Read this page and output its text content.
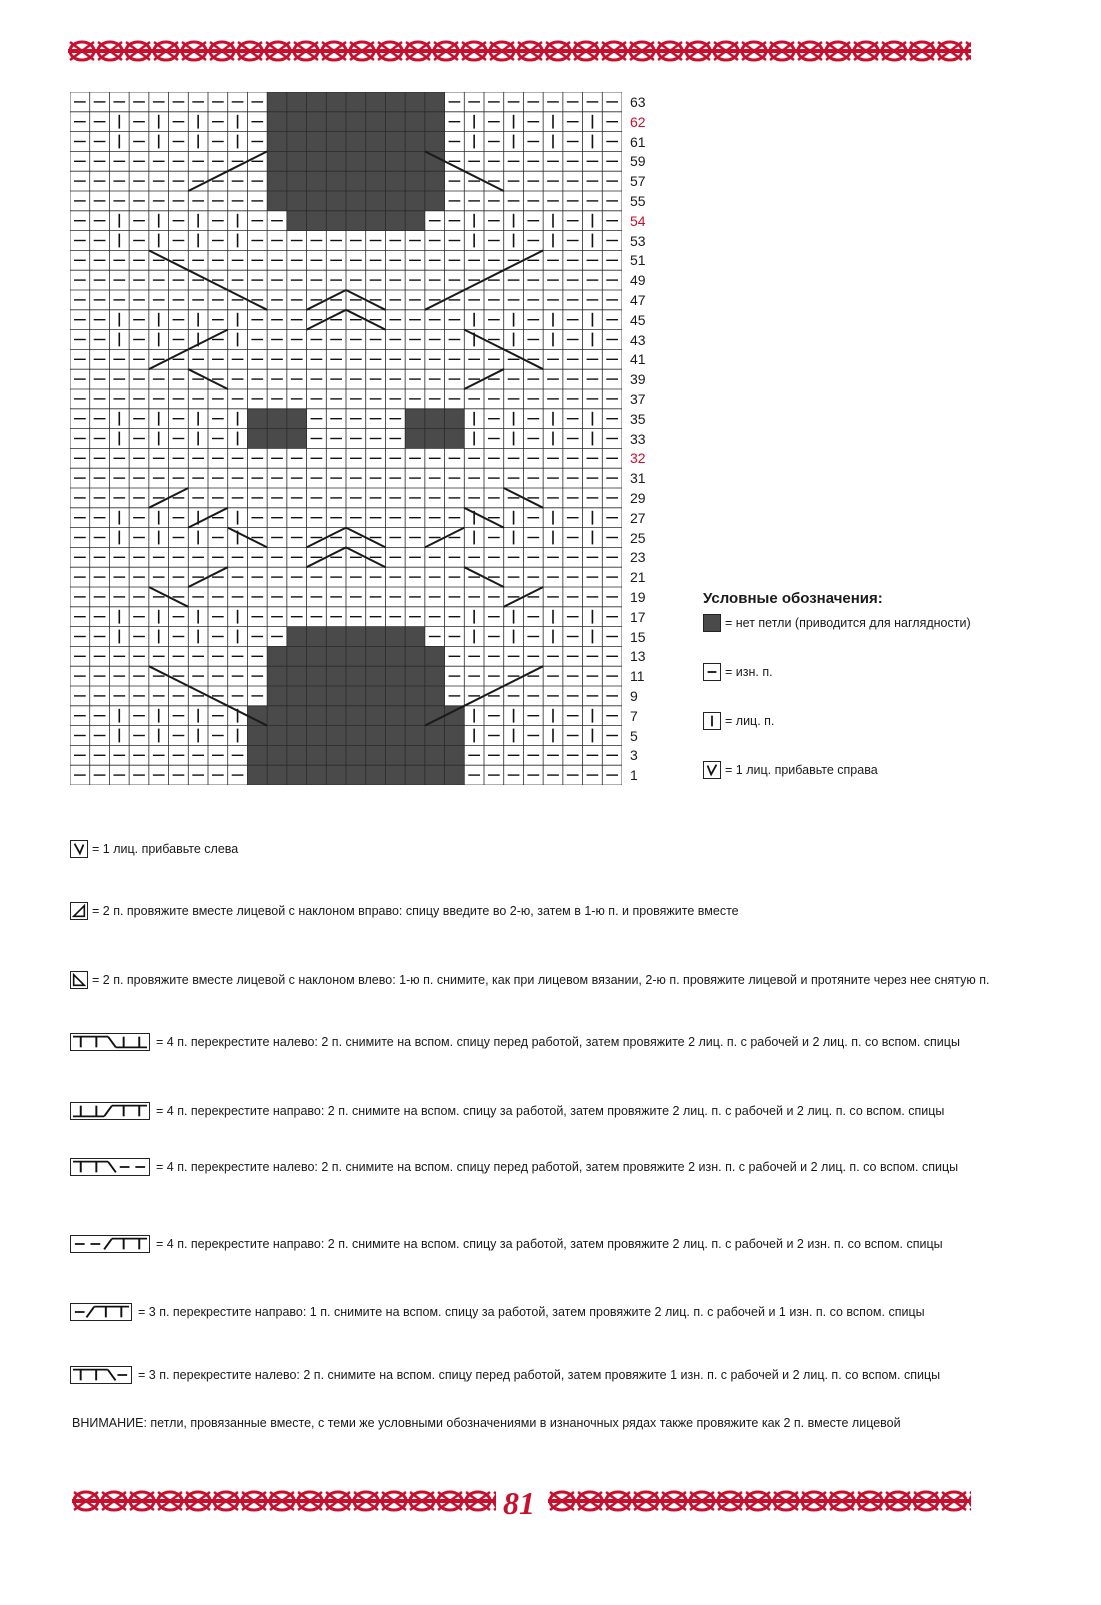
63
62
61
59
57
55
54
53
51
49
47
45
43
41
39
37
35
33
32
31
29
27
25
23
21
19
17
15
13
11
9
7
5
3
1
Условные обозначения:
= нет петли (приводится для наглядности)
= изн. п.
= лиц. п.
= 1 лиц. прибавьте справа
= 1 лиц. прибавьте слева
= 2 п. провяжите вместе лицевой с наклоном вправо: спицу введите во 2-ю, затем в 1-ю п. и провяжите вместе
= 2 п. провяжите вместе лицевой с наклоном влево: 1-ю п. снимите, как при лицевом вязании, 2-ю п. провяжите лицевой и протяните через нее снятую п.
= 4 п. перекрестите налево: 2 п. снимите на вспом. спицу перед работой, затем провяжите 2 лиц. п. с рабочей и 2 лиц. п. со вспом. спицы
= 4 п. перекрестите направо: 2 п. снимите на вспом. спицу за работой, затем провяжите 2 лиц. п. с рабочей и 2 лиц. п. со вспом. спицы
= 4 п. перекрестите налево: 2 п. снимите на вспом. спицу перед работой, затем провяжите 2 изн. п. с рабочей и 2 лиц. п. со вспом. спицы
= 4 п. перекрестите направо: 2 п. снимите на вспом. спицу за работой, затем провяжите 2 лиц. п. с рабочей и 2 изн. п. со вспом. спицы
= 3 п. перекрестите направо: 1 п. снимите на вспом. спицу за работой, затем провяжите 2 лиц. п. с рабочей и 1 изн. п. со вспом. спицы
= 3 п. перекрестите налево: 2 п. снимите на вспом. спицу перед работой, затем провяжите 1 изн. п. с рабочей и 2 лиц. п. со вспом. спицы
ВНИМАНИЕ: петли, провязанные вместе, с теми же условными обозначениями в изнаночных рядах также провяжите как 2 п. вместе лицевой
81
